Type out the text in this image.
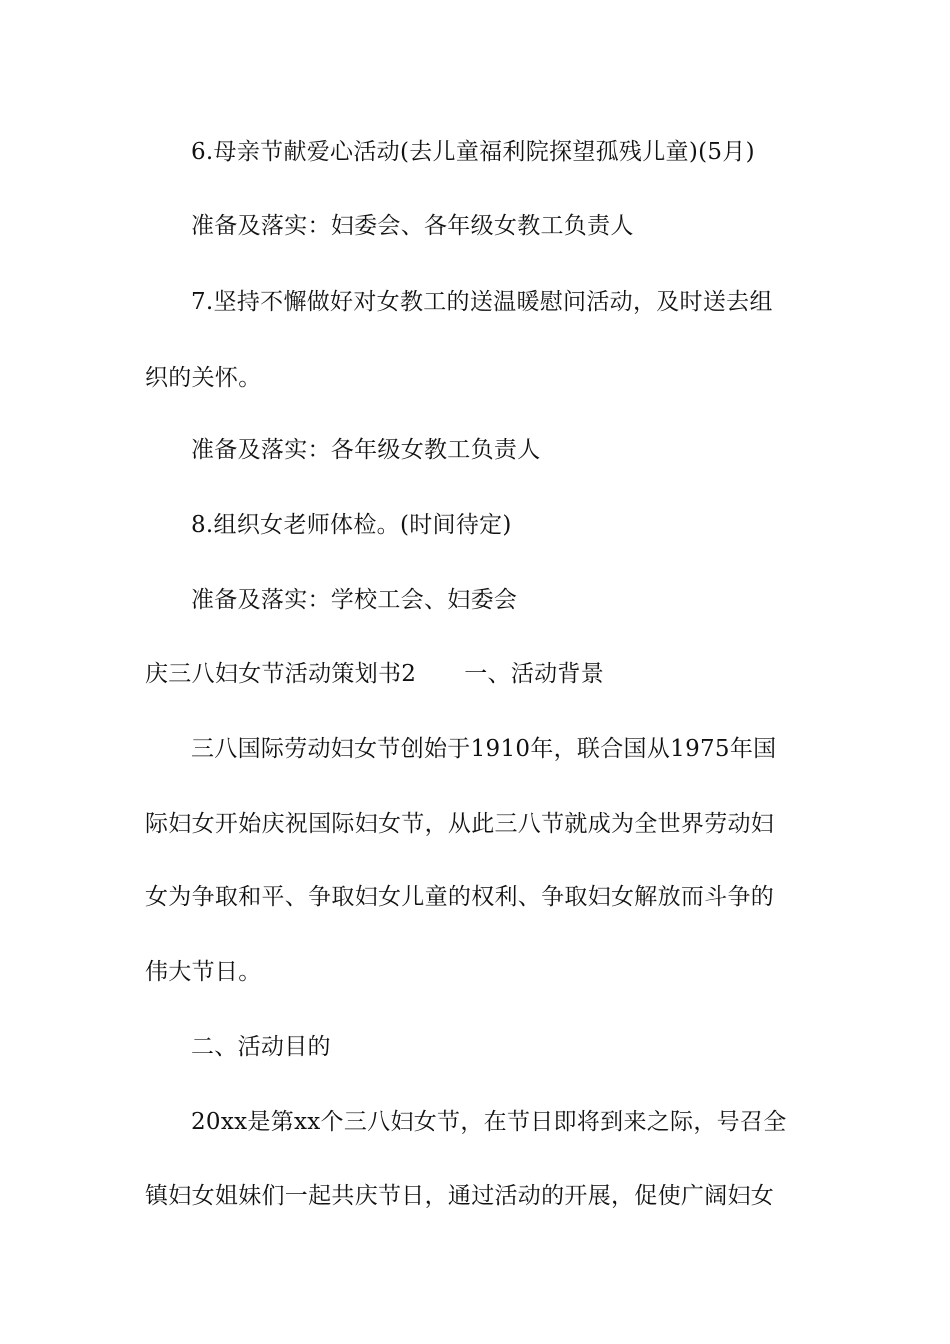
6.母亲节献爱心活动(去儿童福利院探望孤残儿童)(5月)
准备及落实：妇委会、各年级女教工负责人
7.坚持不懈做好对女教工的送温暖慰问活动，及时送去组
织的关怀。
准备及落实：各年级女教工负责人
8.组织女老师体检。(时间待定)
准备及落实：学校工会、妇委会
庆三八妇女节活动策划书2 一、活动背景
三八国际劳动妇女节创始于1910年，联合国从1975年国
际妇女开始庆祝国际妇女节，从此三八节就成为全世界劳动妇
女为争取和平、争取妇女儿童的权利、争取妇女解放而斗争的
伟大节日。
二、活动目的
20xx是第xx个三八妇女节，在节日即将到来之际，号召全
镇妇女姐妹们一起共庆节日，通过活动的开展，促使广阔妇女
